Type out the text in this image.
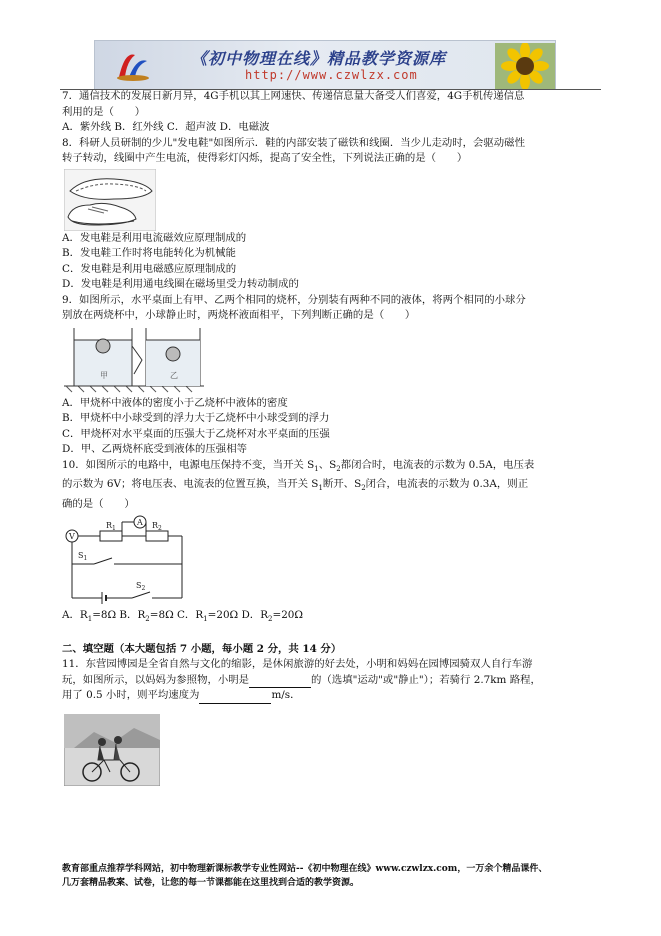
《初中物理在线》精品教学资源库
http://www.czwlzx.com
7．通信技术的发展日新月异，4G手机以其上网速快、传递信息量大备受人们喜爱，4G手机传递信息
利用的是（　　）
A．紫外线 B．红外线 C．超声波 D．电磁波
8．科研人员研制的少儿"发电鞋"如图所示．鞋的内部安装了磁铁和线圈．当少儿走动时，会驱动磁性
转子转动，线圈中产生电流，使得彩灯闪烁，提高了安全性，下列说法正确的是（　　）
A．发电鞋是利用电流磁效应原理制成的
B．发电鞋工作时将电能转化为机械能
C．发电鞋是利用电磁感应原理制成的
D．发电鞋是利用通电线圈在磁场里受力转动制成的
9．如图所示，水平桌面上有甲、乙两个相同的烧杯，分别装有两种不同的液体，将两个相同的小球分
别放在两烧杯中，小球静止时，两烧杯液面相平，下列判断正确的是（　　）
甲	乙
A．甲烧杯中液体的密度小于乙烧杯中液体的密度
B．甲烧杯中小球受到的浮力大于乙烧杯中小球受到的浮力
C．甲烧杯对水平桌面的压强大于乙烧杯对水平桌面的压强
D．甲、乙两烧杯底受到液体的压强相等
10．如图所示的电路中，电源电压保持不变，当开关 $S_1$、$S_2$都闭合时，电流表的示数为 0.5A，电压表
的示数为 6V；将电压表、电流表的位置互换，当开关 $S_1$断开、$S_2$闭合，电流表的示数为 0.3A，则正
确的是（　　）
A
V
$R_1$	$R_2$
$S_1$
$S_2$
A．$R_1=8\Omega$ B．$R_2=8\Omega$ C．$R_1=20\Omega$ D．$R_2=20\Omega$
二、填空题（本大题包括 7 小题，每小题 2 分，共 14 分）
11．东营园博园是全省自然与文化的缩影，是休闲旅游的好去处，小明和妈妈在园博园骑双人自行车游
玩，如图所示，以妈妈为参照物，小明是	的（选填"运动"或"静止"）；若骑行 2.7km 路程，
用了 0.5 小时，则平均速度为	m/s．
教育部重点推荐学科网站，初中物理新课标教学专业性网站--《初中物理在线》www.czwlzx.com，一万余个精品课件、
几万套精品教案、试卷，让您的每一节课都能在这里找到合适的教学资源。
